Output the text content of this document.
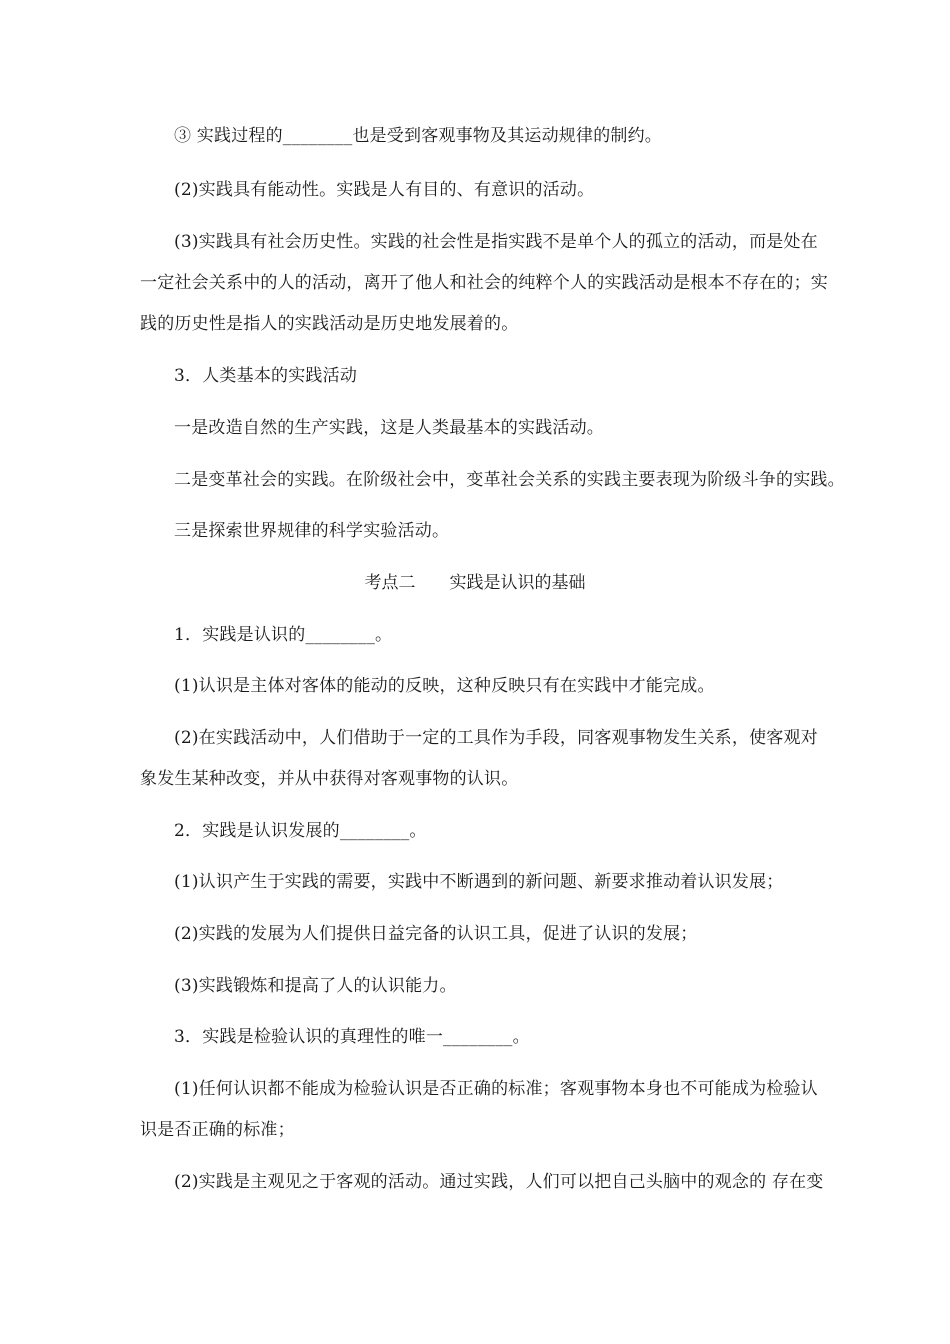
③ 实践过程的________也是受到客观事物及其运动规律的制约。
(2)实践具有能动性。实践是人有目的、有意识的活动。
(3)实践具有社会历史性。实践的社会性是指实践不是单个人的孤立的活动，而是处在
一定社会关系中的人的活动，离开了他人和社会的纯粹个人的实践活动是根本不存在的；实
践的历史性是指人的实践活动是历史地发展着的。
3．人类基本的实践活动
一是改造自然的生产实践，这是人类最基本的实践活动。
二是变革社会的实践。在阶级社会中，变革社会关系的实践主要表现为阶级斗争的实践。
三是探索世界规律的科学实验活动。
考点二 实践是认识的基础
1．实践是认识的________。
(1)认识是主体对客体的能动的反映，这种反映只有在实践中才能完成。
(2)在实践活动中，人们借助于一定的工具作为手段，同客观事物发生关系，使客观对
象发生某种改变，并从中获得对客观事物的认识。
2．实践是认识发展的________。
(1)认识产生于实践的需要，实践中不断遇到的新问题、新要求推动着认识发展；
(2)实践的发展为人们提供日益完备的认识工具，促进了认识的发展；
(3)实践锻炼和提高了人的认识能力。
3．实践是检验认识的真理性的唯一________。
(1)任何认识都不能成为检验认识是否正确的标准；客观事物本身也不可能成为检验认
识是否正确的标准；
(2)实践是主观见之于客观的活动。通过实践，人们可以把自己头脑中的观念的 存在变
